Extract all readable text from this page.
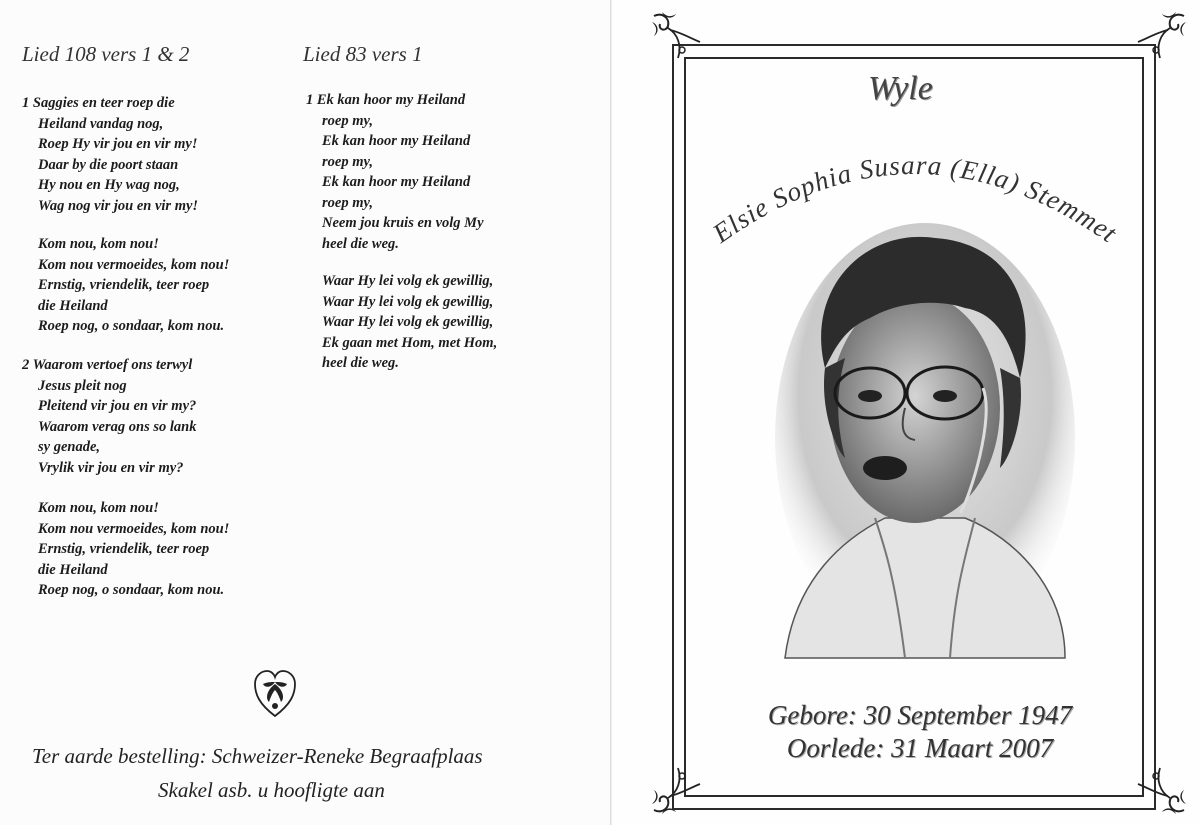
Lied 108 vers 1 & 2	Lied 83 vers 1
1 Saggies en teer roep die
Heiland vandag nog,
Roep Hy vir jou en vir my!
Daar by die poort staan
Hy nou en Hy wag nog,
Wag nog vir jou en vir my!
Kom nou, kom nou!
Kom nou vermoeides, kom nou!
Ernstig, vriendelik, teer roep
die Heiland
Roep nog, o sondaar, kom nou.
2 Waarom vertoef ons terwyl
Jesus pleit nog
Pleitend vir jou en vir my?
Waarom verag ons so lank
sy genade,
Vrylik vir jou en vir my?
Kom nou, kom nou!
Kom nou vermoeides, kom nou!
Ernstig, vriendelik, teer roep
die Heiland
Roep nog, o sondaar, kom nou.
1 Ek kan hoor my Heiland
roep my,
Ek kan hoor my Heiland
roep my,
Ek kan hoor my Heiland
roep my,
Neem jou kruis en volg My
heel die weg.
Waar Hy lei volg ek gewillig,
Waar Hy lei volg ek gewillig,
Waar Hy lei volg ek gewillig,
Ek gaan met Hom, met Hom,
heel die weg.
Ter aarde bestelling: Schweizer-Reneke Begraafplaas
Skakel asb. u hoofligte aan
Wyle
Elsie Sophia Susara (Ella) Stemmet
Gebore: 30 September 1947
Oorlede: 31 Maart 2007
